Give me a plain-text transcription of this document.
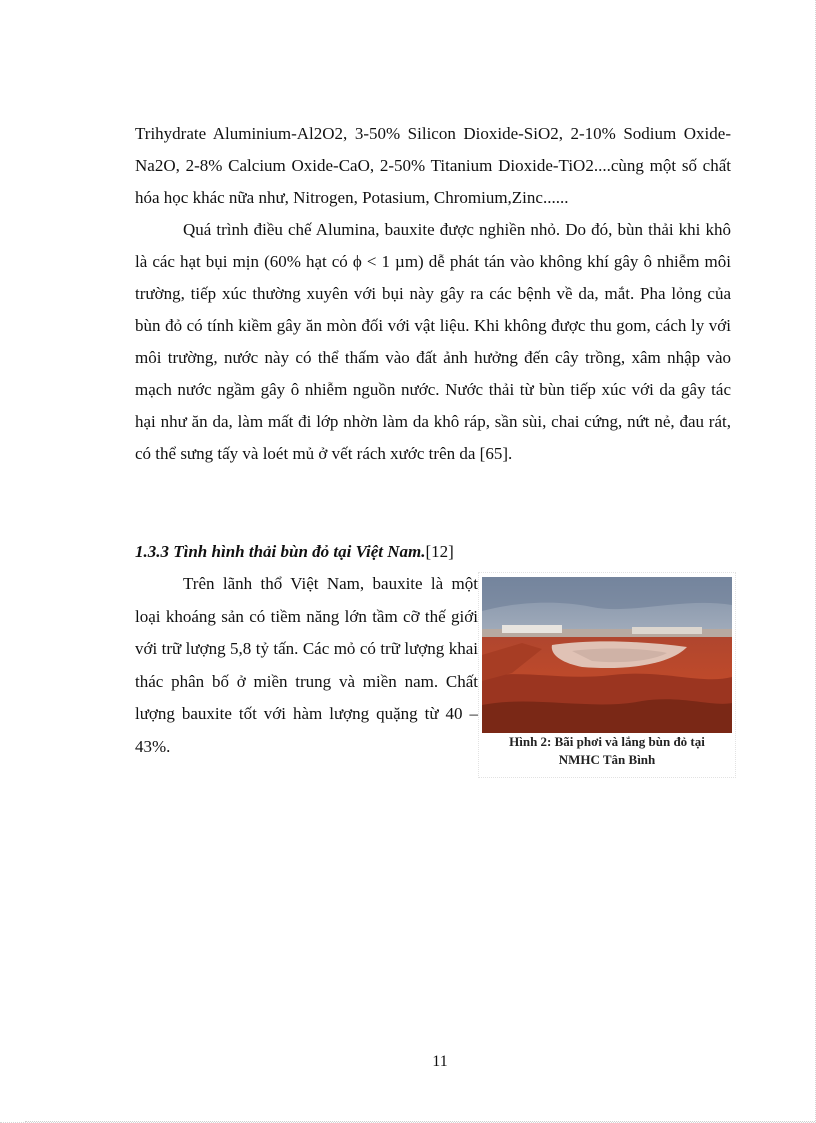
Trihydrate Aluminium-Al2O2, 3-50% Silicon Dioxide-SiO2, 2-10% Sodium Oxide-Na2O, 2-8% Calcium Oxide-CaO, 2-50% Titanium Dioxide-TiO2....cùng một số chất hóa học khác nữa như, Nitrogen, Potasium, Chromium,Zinc......

Quá trình điều chế Alumina, bauxite được nghiền nhỏ. Do đó, bùn thải khi khô là các hạt bụi mịn (60% hạt có ϕ < 1 µm) dễ phát tán vào không khí gây ô nhiễm môi trường, tiếp xúc thường xuyên với bụi này gây ra các bệnh về da, mắt. Pha lỏng của bùn đỏ có tính kiềm gây ăn mòn đối với vật liệu. Khi không được thu gom, cách ly với môi trường, nước này có thể thấm vào đất ảnh hưởng đến cây trồng, xâm nhập vào mạch nước ngầm gây ô nhiễm nguồn nước. Nước thải từ bùn tiếp xúc với da gây tác hại như ăn da, làm mất đi lớp nhờn làm da khô ráp, sần sùi, chai cứng, nứt nẻ, đau rát, có thể sưng tấy và loét mủ ở vết rách xước trên da [65].

1.3.3 Tình hình thải bùn đỏ tại Việt Nam.[12]

Trên lãnh thổ Việt Nam, bauxite là một loại khoáng sản có tiềm năng lớn tầm cỡ thế giới với trữ lượng 5,8 tỷ tấn. Các mỏ có trữ lượng khai thác phân bố ở miền trung và miền nam. Chất lượng bauxite tốt với hàm lượng quặng từ 40 – 43%.	Hình 2: Bãi phơi và lắng bùn đỏ tại
NMHC Tân Bình
11
